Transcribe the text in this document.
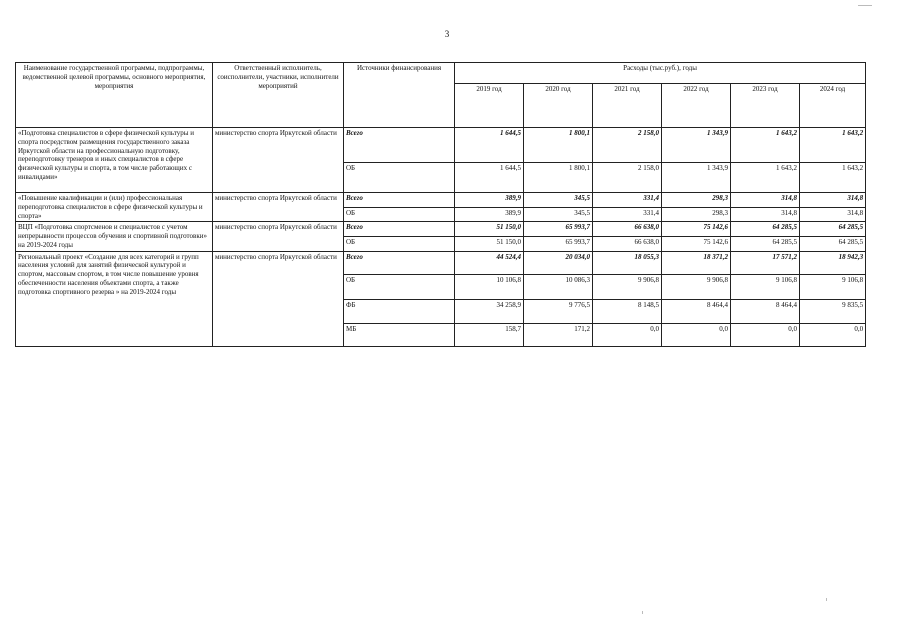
3
Наименование государственной программы, подпрограммы, ведомственной целевой программы, основного мероприятия, мероприятия	Ответственный исполнитель, соисполнители, участники, исполнители мероприятий	Источники финансирования	Расходы (тыс.руб.), годы					
			2019 год	2020 год	2021 год	2022 год	2023 год	2024 год
«Подготовка специалистов в сфере физической культуры и спорта посредством размещения государственного заказа Иркутской области на профессиональную подготовку, переподготовку тренеров и иных специалистов в сфере физической культуры и спорта, в том числе работающих с инвалидами»	министерство спорта Иркутской области	Всего	1 644,5	1 800,1	2 158,0	1 343,9	1 643,2	1 643,2
		ОБ	1 644,5	1 800,1	2 158,0	1 343,9	1 643,2	1 643,2
«Повышение квалификации и (или) профессиональная переподготовка специалистов в сфере физической культуры и спорта»	министерство спорта Иркутской области	Всего	389,9	345,5	331,4	298,3	314,8	314,8
		ОБ	389,9	345,5	331,4	298,3	314,8	314,8
ВЦП «Подготовка спортсменов и специалистов с учетом непрерывности процессов обучения и спортивной подготовки» на 2019-2024 годы	министерство спорта Иркутской области	Всего	51 150,0	65 993,7	66 638,0	75 142,6	64 285,5	64 285,5
		ОБ	51 150,0	65 993,7	66 638,0	75 142,6	64 285,5	64 285,5
Региональный проект «Создание для всех категорий и групп населения условий для занятий физической культурой и спортом, массовым спортом, в том числе повышение уровня обеспеченности населения объектами спорта, а также подготовка спортивного резерва » на 2019-2024 годы	министерство спорта Иркутской области	Всего	44 524,4	20 034,0	18 055,3	18 371,2	17 571,2	18 942,3
		ОБ	10 106,8	10 086,3	9 906,8	9 906,8	9 106,8	9 106,8
		ФБ	34 258,9	9 776,5	8 148,5	8 464,4	8 464,4	9 835,5
		МБ	158,7	171,2	0,0	0,0	0,0	0,0
